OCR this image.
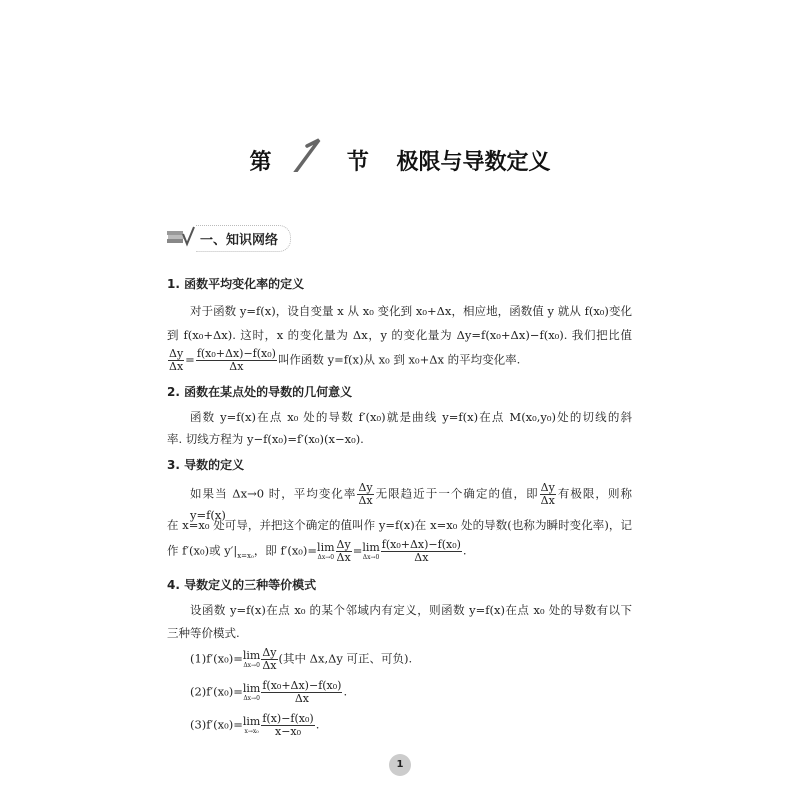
第	节 极限与导数定义
一、知识网络
1. 函数平均变化率的定义
对于函数 y=f(x)，设自变量 x 从 x₀ 变化到 x₀+Δx，相应地，函数值 y 就从 f(x₀)变化
到 f(x₀+Δx). 这时，x 的变化量为 Δx，y 的变化量为 Δy=f(x₀+Δx)−f(x₀). 我们把比值
$\frac{\Delta y}{\Delta x} = \frac{\text{f(x₀+Δx)−f(x₀)}}{\Delta x}$ 叫作函数 y=f(x)从 x₀ 到 x₀+Δx 的平均变化率.
2. 函数在某点处的导数的几何意义
函数 y=f(x)在点 x₀ 处的导数 f′(x₀)就是曲线 y=f(x)在点 M(x₀,y₀)处的切线的斜
率. 切线方程为 y−f(x₀)=f′(x₀)(x−x₀).
3. 导数的定义
如果当 Δx→0 时，平均变化率 $\frac{\Delta y}{\Delta x}$ 无限趋近于一个确定的值，即 $\frac{\Delta y}{\Delta x}$ 有极限，则称 y=f(x)
在 x=x₀ 处可导，并把这个确定的值叫作 y=f(x)在 x=x₀ 处的导数(也称为瞬时变化率)，记
作 f′(x₀)或 $y'|_{x=x_0}$，即 f′(x₀)= lim
$\Delta x\to 0 \frac{\Delta y}{\Delta x} = \lim$
$\Delta x\to 0 \frac{\text{f(x₀+Δx)−f(x₀)}}{\Delta x}$ .
4. 导数定义的三种等价模式
设函数 y=f(x)在点 x₀ 的某个邻域内有定义，则函数 y=f(x)在点 x₀ 处的导数有以下
三种等价模式.
(1)f′(x₀)= lim
$\Delta x\to 0 \frac{\Delta y}{\Delta x}$ (其中 Δx,Δy 可正、可负).
(2)f′(x₀)= lim
$\Delta x\to 0 \frac{\text{f(x₀+Δx)−f(x₀)}}{\Delta x}$ .
(3)f′(x₀)= lim
$x\to x_0 \frac{\text{f(x)−f(x₀)}}{\text{x−x₀}}$ .
1
